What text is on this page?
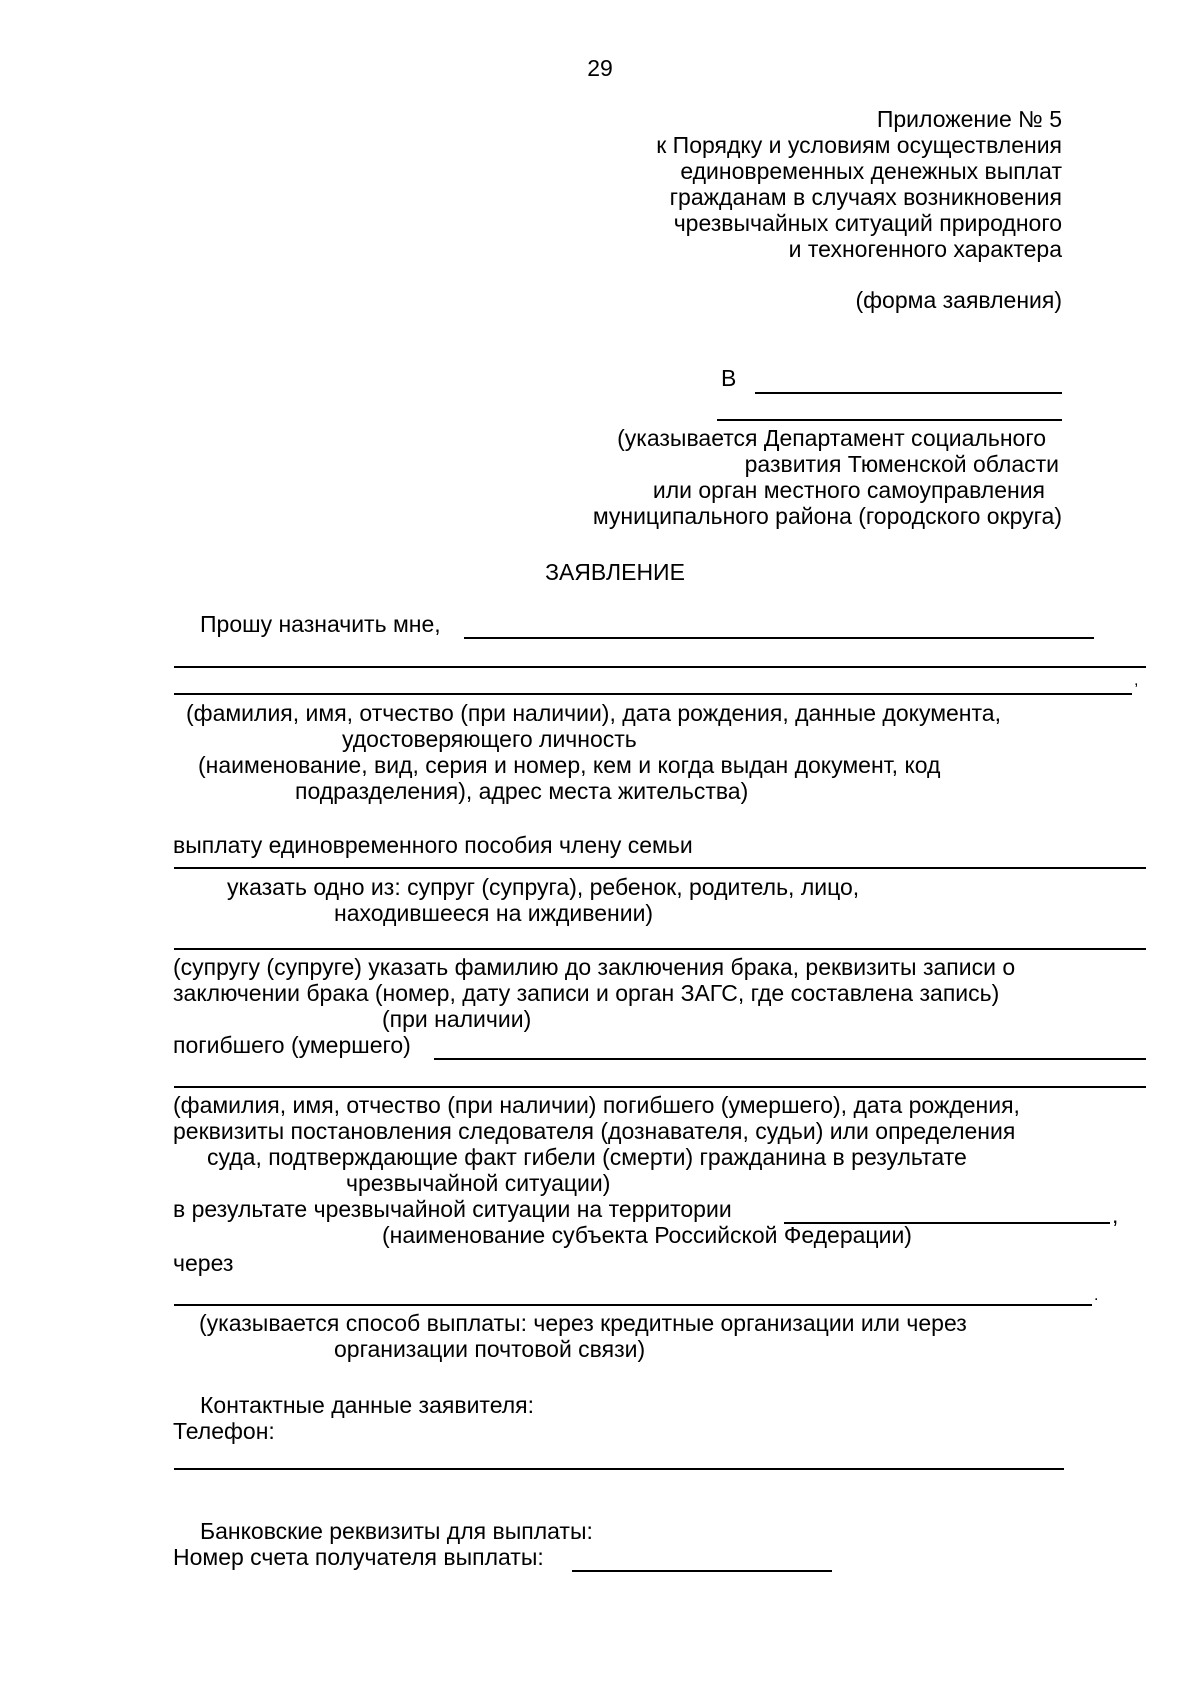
29
Приложение № 5
к Порядку и условиям осуществления
единовременных денежных выплат
гражданам в случаях возникновения
чрезвычайных ситуаций природного
и техногенного характера
(форма заявления)
В
(указывается Департамент социального
развития Тюменской области
или орган местного самоуправления
муниципального района (городского округа)
ЗАЯВЛЕНИЕ
Прошу назначить мне,
,
(фамилия, имя, отчество (при наличии), дата рождения, данные документа,
удостоверяющего личность
(наименование, вид, серия и номер, кем и когда выдан документ, код
подразделения), адрес места жительства)
выплату единовременного пособия члену семьи
указать одно из: супруг (супруга), ребенок, родитель, лицо,
находившееся на иждивении)
(супругу (супруге) указать фамилию до заключения брака, реквизиты записи о
заключении брака (номер, дату записи и орган ЗАГС, где составлена запись)
(при наличии)
погибшего (умершего)
(фамилия, имя, отчество (при наличии) погибшего (умершего), дата рождения,
реквизиты постановления следователя (дознавателя, судьи) или определения
суда, подтверждающие факт гибели (смерти) гражданина в результате
чрезвычайной ситуации)
в результате чрезвычайной ситуации на территории	,
(наименование субъекта Российской Федерации)
через
.
(указывается способ выплаты: через кредитные организации или через
организации почтовой связи)
Контактные данные заявителя:
Телефон:
Банковские реквизиты для выплаты:
Номер счета получателя выплаты:
